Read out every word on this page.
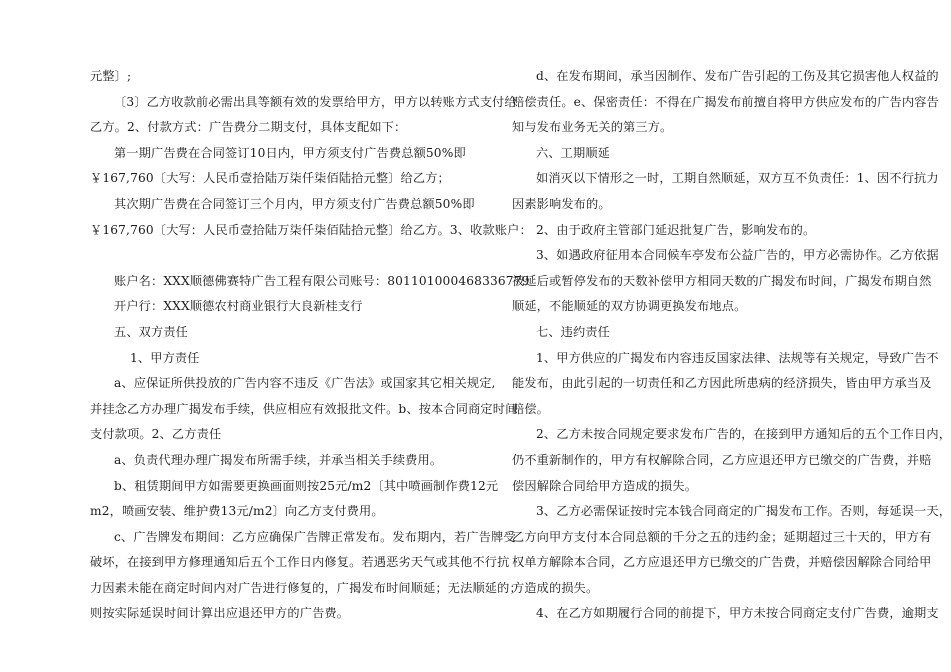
元整〕;
〔3〕乙方收款前必需出具等额有效的发票给甲方，甲方以转账方式支付给
乙方。2、付款方式：广告费分二期支付，具体支配如下：
第一期广告费在合同签订10日内，甲方须支付广告费总额50%即
￥167,760〔大写：人民币壹拾陆万柒仟柒佰陆拾元整〕给乙方；
其次期广告费在合同签订三个月内，甲方须支付广告费总额50%即
￥167,760〔大写：人民币壹拾陆万柒仟柒佰陆拾元整〕给乙方。3、收款账户：
账户名：XXX顺德佛赛特广告工程有限公司账号：801101000468336779
开户行：XXX顺德农村商业银行大良新桂支行
五、双方责任
1、甲方责任
a、应保证所供投放的广告内容不违反《广告法》或国家其它相关规定,
并挂念乙方办理广揭发布手续，供应相应有效报批文件。b、按本合同商定时间
支付款项。2、乙方责任
a、负责代理办理广揭发布所需手续，并承当相关手续费用。
b、租赁期间甲方如需要更换画面则按25元/m2〔其中喷画制作费12元
m2，喷画安装、维护费13元/m2〕向乙方支付费用。
c、广告牌发布期间：乙方应确保广告牌正常发布。发布期内，若广告牌受
破坏，在接到甲方修理通知后五个工作日内修复。若遇恶劣天气或其他不行抗
力因素未能在商定时间内对广告进行修复的，广揭发布时间顺延；无法顺延的；
则按实际延误时间计算出应退还甲方的广告费。
d、在发布期间，承当因制作、发布广告引起的工伤及其它损害他人权益的
赔偿责任。e、保密责任：不得在广揭发布前擅自将甲方供应发布的广告内容告
知与发布业务无关的第三方。
六、工期顺延
如消灭以下情形之一时，工期自然顺延，双方互不负责任：1、因不行抗力
因素影响发布的。
2、由于政府主管部门延迟批复广告，影响发布的。
3、如遇政府征用本合同候车亭发布公益广告的，甲方必需协作。乙方依据
被延后或暂停发布的天数补偿甲方相同天数的广揭发布时间，广揭发布期自然
顺延，不能顺延的双方协调更换发布地点。
七、违约责任
1、甲方供应的广揭发布内容违反国家法律、法规等有关规定，导致广告不
能发布，由此引起的一切责任和乙方因此所患病的经济损失，皆由甲方承当及
赔偿。
2、乙方未按合同规定要求发布广告的，在接到甲方通知后的五个工作日内，
仍不重新制作的，甲方有权解除合同，乙方应退还甲方已缴交的广告费，并赔
偿因解除合同给甲方造成的损失。
3、乙方必需保证按时完本钱合同商定的广揭发布工作。否则，每延误一天，
乙方向甲方支付本合同总额的千分之五的违约金；延期超过三十天的，甲方有
权单方解除本合同，乙方应退还甲方已缴交的广告费，并赔偿因解除合同给甲
方造成的损失。
4、在乙方如期履行合同的前提下，甲方未按合同商定支付广告费，逾期支
